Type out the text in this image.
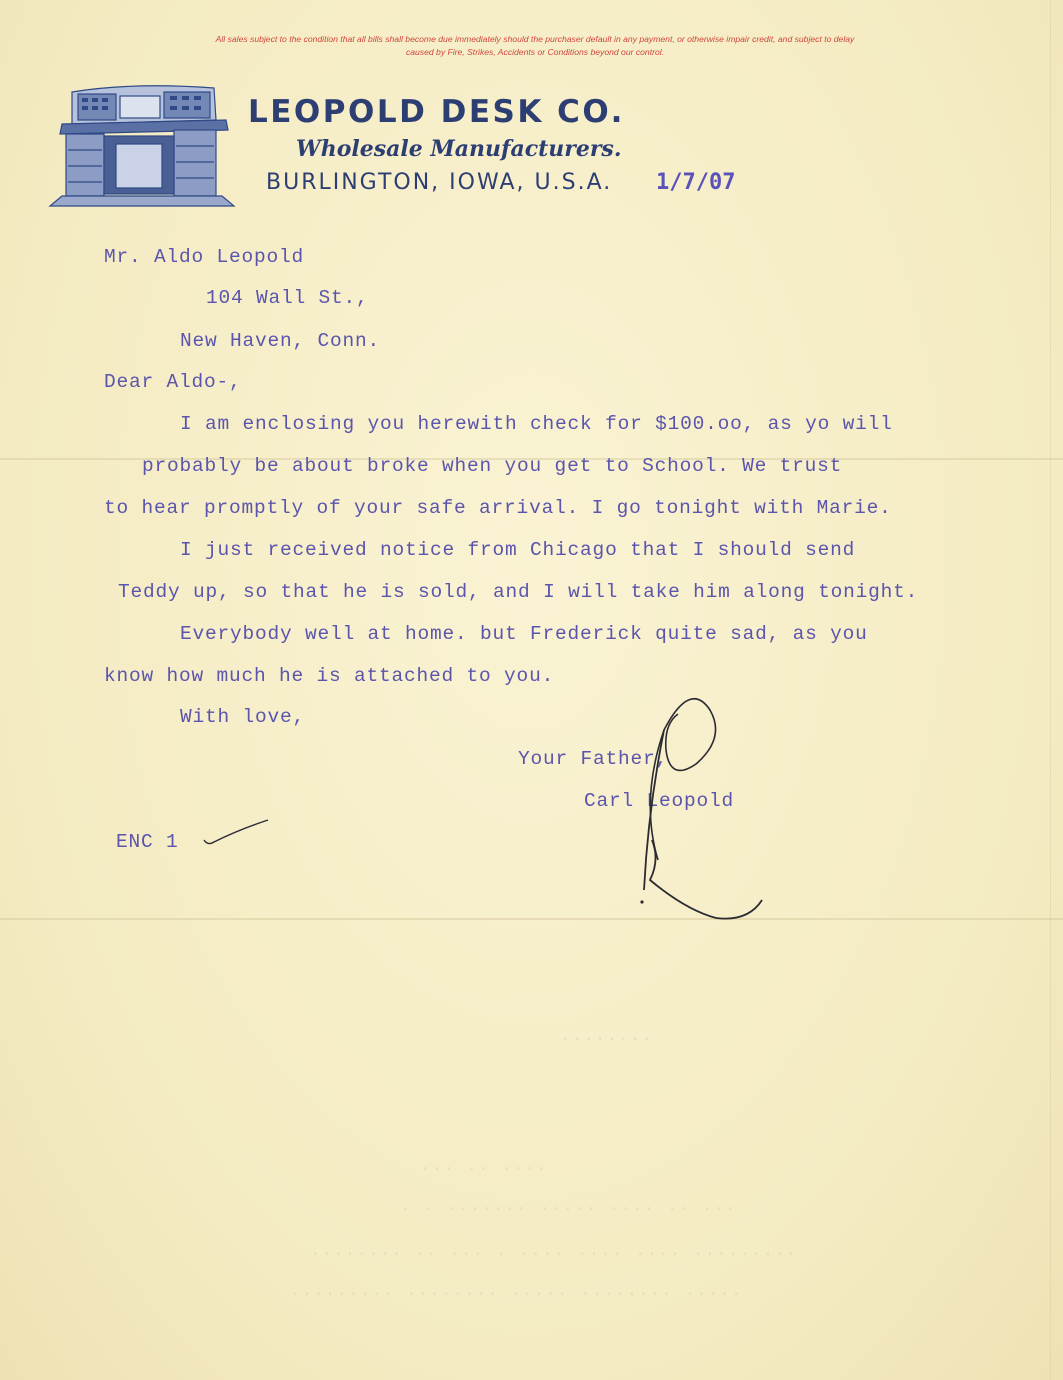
All sales subject to the condition that all bills shall become due immediately should the purchaser default in any payment, or otherwise impair credit, and subject to delay
caused by Fire, Strikes, Accidents or Conditions beyond our control.
LEOPOLD DESK CO.
Wholesale Manufacturers.
BURLINGTON, IOWA, U.S.A. 1/7/07
Mr. Aldo Leopold
104 Wall St.,
New Haven, Conn.
Dear Aldo-,
I am enclosing you herewith check for $100.oo, as yo will
probably be about broke when you get to School. We trust
to hear promptly of your safe arrival. I go tonight with Marie.
I just received notice from Chicago that I should send
Teddy up, so that he is sold, and I will take him along tonight.
Everybody well at home. but Frederick quite sad, as you
know how much he is attached to you.
With love,
Your Father,
Carl Leopold
ENC 1
········
··· ·· ····
· · ······· ····· ···· ·· ···
········ ·· ··· · ···· ···· ···· ·········
········· ········ ····· ········ ·····
